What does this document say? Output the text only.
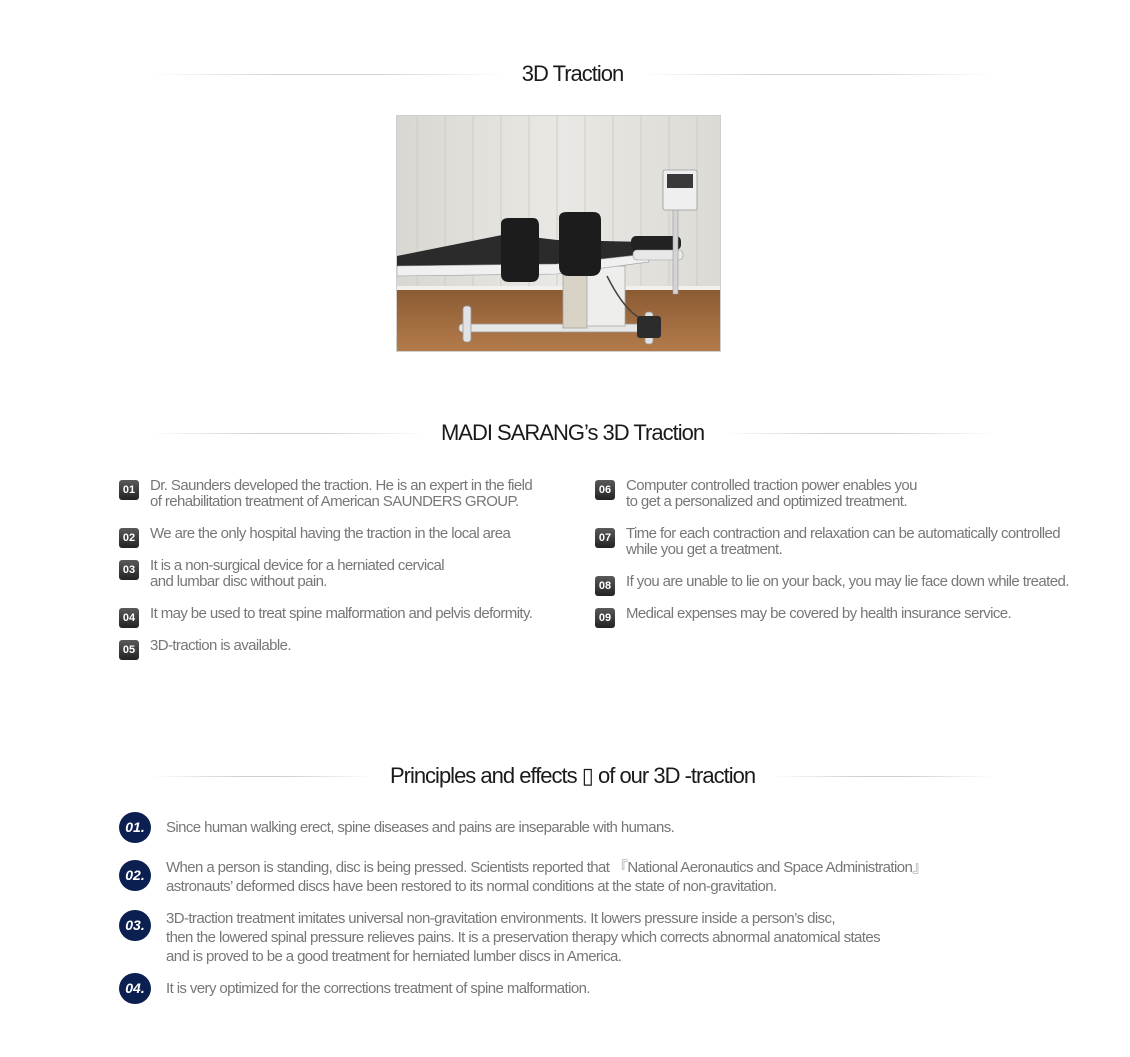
3D Traction
MADI SARANG’s 3D Traction
01 Dr. Saunders developed the traction. He is an expert in the field
of rehabilitation treatment of American SAUNDERS GROUP.
02 We are the only hospital having the traction in the local area
03 It is a non-surgical device for a herniated cervical
and lumbar disc without pain.
04 It may be used to treat spine malformation and pelvis deformity.
05 3D-traction is available.
06 Computer controlled traction power enables you
to get a personalized and optimized treatment.
07 Time for each contraction and relaxation can be automatically controlled
while you get a treatment.
08 If you are unable to lie on your back, you may lie face down while treated.
09 Medical expenses may be covered by health insurance service.
Principles and effects ▯ of our 3D -traction
01.	Since human walking erect, spine diseases and pains are inseparable with humans.
02.	When a person is standing, disc is being pressed. Scientists reported that 『National Aeronautics and Space Administration』
astronauts’ deformed discs have been restored to its normal conditions at the state of non-gravitation.
03.	3D-traction treatment imitates universal non-gravitation environments. It lowers pressure inside a person’s disc,
then the lowered spinal pressure relieves pains. It is a preservation therapy which corrects abnormal anatomical states
and is proved to be a good treatment for herniated lumber discs in America.
04.	It is very optimized for the corrections treatment of spine malformation.
